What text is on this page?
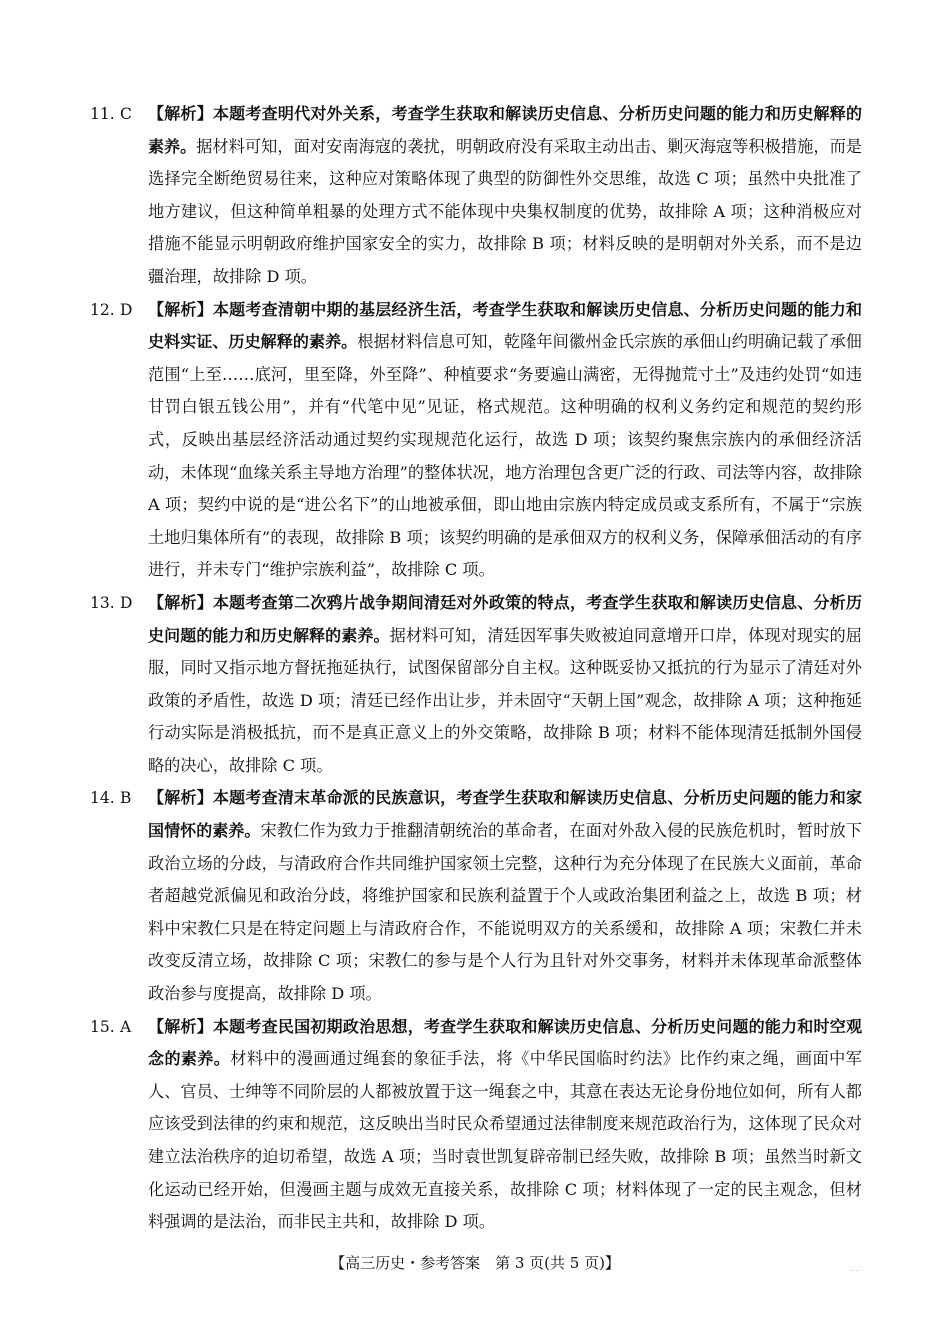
11. C	【解析】本题考查明代对外关系，考查学生获取和解读历史信息、分析历史问题的能力和历史解释的素养。据材料可知，面对安南海寇的袭扰，明朝政府没有采取主动出击、剿灭海寇等积极措施，而是选择完全断绝贸易往来，这种应对策略体现了典型的防御性外交思维，故选 C 项；虽然中央批准了地方建议，但这种简单粗暴的处理方式不能体现中央集权制度的优势，故排除 A 项；这种消极应对措施不能显示明朝政府维护国家安全的实力，故排除 B 项；材料反映的是明朝对外关系，而不是边疆治理，故排除 D 项。
12. D 【解析】本题考查清朝中期的基层经济生活，考查学生获取和解读历史信息、分析历史问题的能力和史料实证、历史解释的素养。根据材料信息可知，乾隆年间徽州金氏宗族的承佃山约明确记载了承佃范围“上至……底河，里至降，外至降”、种植要求“务要遍山满密，无得抛荒寸土”及违约处罚“如违甘罚白银五钱公用”，并有“代笔中见”见证，格式规范。这种明确的权利义务约定和规范的契约形式，反映出基层经济活动通过契约实现规范化运行，故选 D 项；该契约聚焦宗族内的承佃经济活动，未体现“血缘关系主导地方治理”的整体状况，地方治理包含更广泛的行政、司法等内容，故排除 A 项；契约中说的是“进公名下”的山地被承佃，即山地由宗族内特定成员或支系所有，不属于“宗族土地归集体所有”的表现，故排除 B 项；该契约明确的是承佃双方的权利义务，保障承佃活动的有序进行，并未专门“维护宗族利益”，故排除 C 项。
13. D 【解析】本题考查第二次鸦片战争期间清廷对外政策的特点，考查学生获取和解读历史信息、分析历史问题的能力和历史解释的素养。据材料可知，清廷因军事失败被迫同意增开口岸，体现对现实的屈服，同时又指示地方督抚拖延执行，试图保留部分自主权。这种既妥协又抵抗的行为显示了清廷对外政策的矛盾性，故选 D 项；清廷已经作出让步，并未固守“天朝上国”观念，故排除 A 项；这种拖延行动实际是消极抵抗，而不是真正意义上的外交策略，故排除 B 项；材料不能体现清廷抵制外国侵略的决心，故排除 C 项。
14. B	【解析】本题考查清末革命派的民族意识，考查学生获取和解读历史信息、分析历史问题的能力和家国情怀的素养。宋教仁作为致力于推翻清朝统治的革命者，在面对外敌入侵的民族危机时，暂时放下政治立场的分歧，与清政府合作共同维护国家领土完整，这种行为充分体现了在民族大义面前，革命者超越党派偏见和政治分歧，将维护国家和民族利益置于个人或政治集团利益之上，故选 B 项；材料中宋教仁只是在特定问题上与清政府合作，不能说明双方的关系缓和，故排除 A 项；宋教仁并未改变反清立场，故排除 C 项；宋教仁的参与是个人行为且针对外交事务，材料并未体现革命派整体政治参与度提高，故排除 D 项。
15. A	【解析】本题考查民国初期政治思想，考查学生获取和解读历史信息、分析历史问题的能力和时空观念的素养。材料中的漫画通过绳套的象征手法，将《中华民国临时约法》比作约束之绳，画面中军人、官员、士绅等不同阶层的人都被放置于这一绳套之中，其意在表达无论身份地位如何，所有人都应该受到法律的约束和规范，这反映出当时民众希望通过法律制度来规范政治行为，这体现了民众对建立法治秩序的迫切希望，故选 A 项；当时袁世凯复辟帝制已经失败，故排除 B 项；虽然当时新文化运动已经开始，但漫画主题与成效无直接关系，故排除 C 项；材料体现了一定的民主观念，但材料强调的是法治，而非民主共和，故排除 D 项。
【高三历史・参考答案　第 3 页(共 5 页)】	. .
